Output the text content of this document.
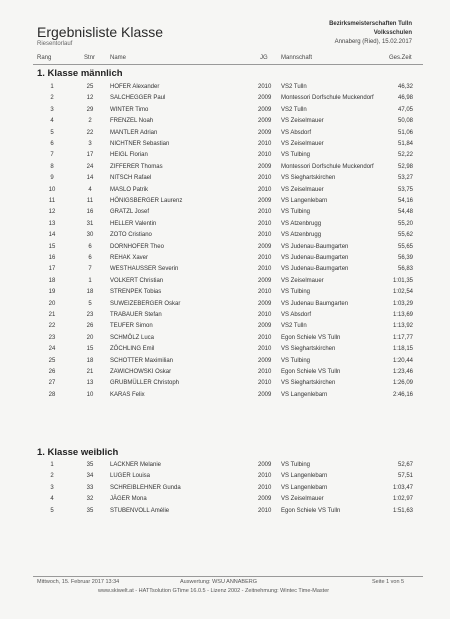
Ergebnisliste Klasse
Riesentorlauf
Bezirksmeisterschaften Tulln
Volksschulen
Annaberg (Ried), 15.02.2017
Rang	Stnr Name	JG Mannschaft	Ges.Zeit
1. Klasse männlich
1	25	HOFER Alexander	2010 VS2 Tulln	46,32
2	12	SALCHEGGER Paul	2009 Montessori Dorfschule Muckendorf	46,98
3	29	WINTER Timo	2009 VS2 Tulln	47,05
4	2	FRENZEL Noah	2009 VS Zeiselmauer	50,08
5	22	MANTLER Adrian	2009 VS Absdorf	51,06
6	3	NICHTNER Sebastian	2010 VS Zeiselmauer	51,84
7	17	HEIGL Florian	2010 VS Tulbing	52,22
8	24	ZIFFERER Thomas	2009 Montessori Dorfschule Muckendorf	52,98
9	14	NITSCH Rafael	2010 VS Sieghartskirchen	53,27
10	4	MASLO Patrik	2010 VS Zeiselmauer	53,75
11	11	HÖNIGSBERGER Laurenz	2009 VS Langenlebarn	54,16
12	16	GRATZL Josef	2010 VS Tulbing	54,48
13	31	HELLER Valentin	2010 VS Atzenbrugg	55,20
14	30	ZOTO Cristiano	2010 VS Atzenbrugg	55,62
15	6	DORNHOFER Theo	2009 VS Judenau-Baumgarten	55,65
16	6	REHAK Xaver	2010 VS Judenau-Baumgarten	56,39
17	7	WESTHAUSSER Severin	2010 VS Judenau-Baumgarten	56,83
18	1	VOLKERT Christian	2009 VS Zeiselmauer	1:01,35
19	18	STRENPEK Tobias	2010 VS Tulbing	1:02,54
20	5	SUWEIZEBERGER Oskar	2009 VS Judenau Baumgarten	1:03,29
21	23	TRABAUER Stefan	2010 VS Absdorf	1:13,69
22	26	TEUFER Simon	2009 VS2 Tulln	1:13,92
23	20	SCHMÖLZ Luca	2010 Egon Schiele VS Tulln	1:17,77
24	15	ZÖCHLING Emil	2010 VS Sieghartskirchen	1:18,15
25	18	SCHOTTER Maximilian	2009 VS Tulbing	1:20,44
26	21	ZAWICHOWSKI Oskar	2010 Egon Schiele VS Tulln	1:23,46
27	13	GRUBMÜLLER Christoph	2010 VS Sieghartskirchen	1:26,09
28	10	KARAS Felix	2009 VS Langenlebarn	2:46,16
1. Klasse weiblich
1	35	LACKNER Melanie	2009 VS Tulbing	52,67
2	34	LUGER Louisa	2010 VS Langenlebarn	57,51
3	33	SCHREIBLEHNER Gunda	2010 VS Langenlebarn	1:03,47
4	32	JÄGER Mona	2009 VS Zeiselmauer	1:02,97
5	35	STUBENVOLL Amélie	2010 Egon Schiele VS Tulln	1:51,63
Mittwoch, 15. Februar 2017 13:34	Auswertung: WSU ANNABERG	Seite 1 von 5
www.skiwelt.at - HATTsolution GTime 16.0.5 - Lizenz 2002 - Zeitnehmung: Wintec Time-Master
